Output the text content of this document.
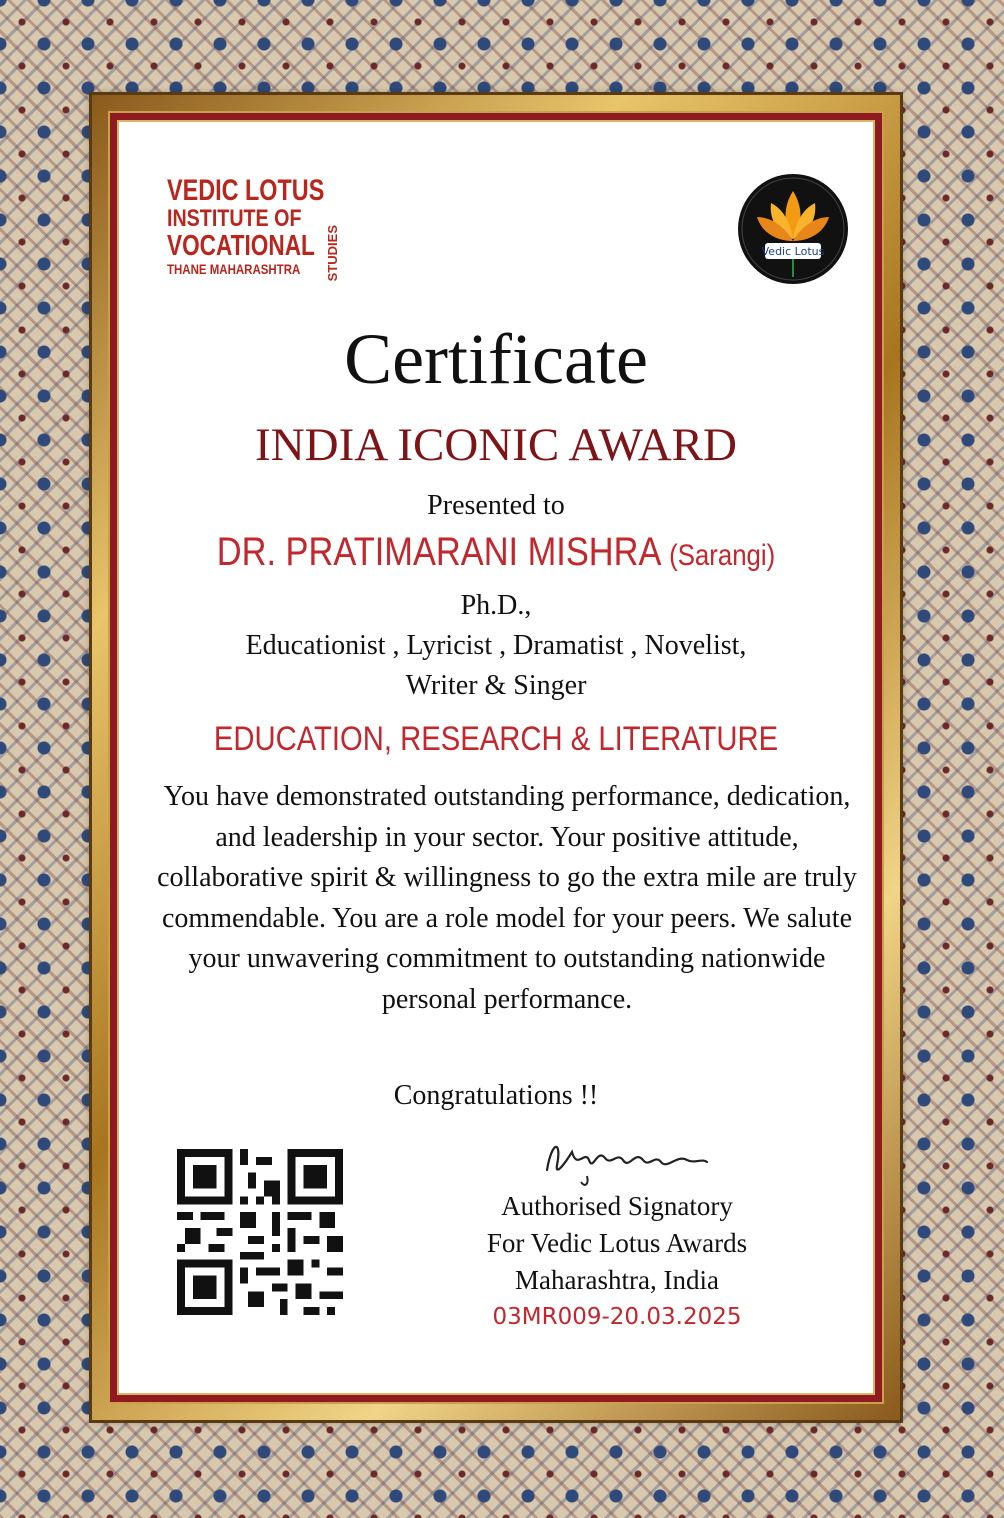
VEDIC LOTUS
INSTITUTE OF
VOCATIONAL
THANE MAHARASHTRA	STUDIES	Vedic Lotus
Certificate
INDIA ICONIC AWARD
Presented to
DR. PRATIMARANI MISHRA (Sarangi)
Ph.D.,
Educationist , Lyricist , Dramatist , Novelist,
Writer & Singer
EDUCATION, RESEARCH & LITERATURE
You have demonstrated outstanding performance, dedication, and leadership in your sector. Your positive attitude, collaborative spirit & willingness to go the extra mile are truly commendable. You are a role model for your peers. We salute your unwavering commitment to outstanding nationwide personal performance.
Congratulations !!
Authorised Signatory
For Vedic Lotus Awards
Maharashtra, India
03MR009-20.03.2025
